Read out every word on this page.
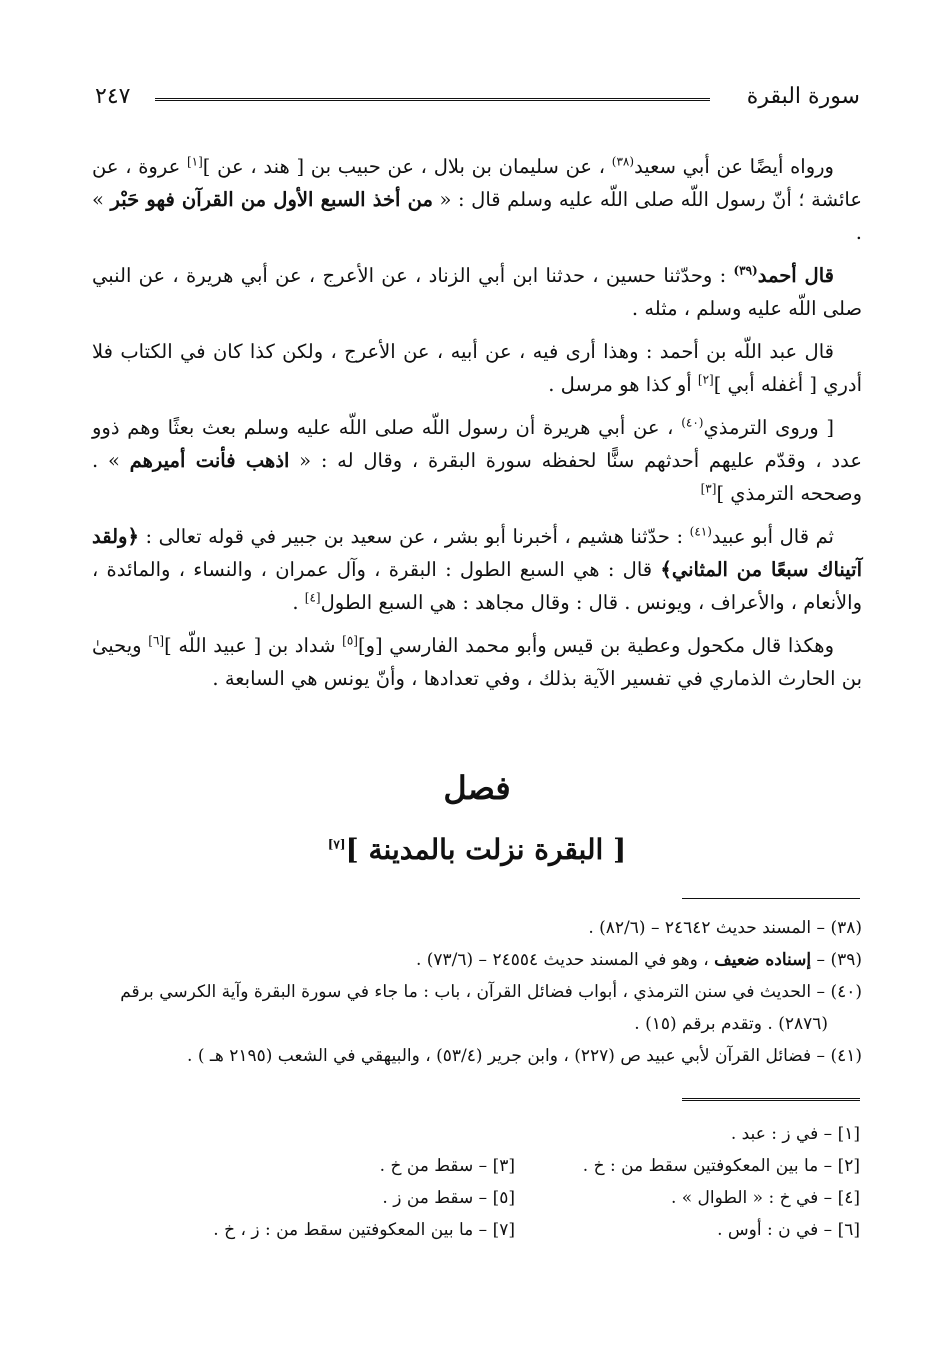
٢٤٧	سورة البقرة

ورواه أيضًا عن أبي سعيد$^{(٣٨)}$ ، عن سليمان بن بلال ، عن حبيب بن [ هند ، عن ][١] عروة ، عن عائشة ؛ أنّ رسول اللّه صلى اللّه عليه وسلم قال : « من أخذ السبع الأول من القرآن فهو حَبْر » .

قال أحمد$^{(٣٩)}$ : وحدّثنا حسين ، حدثنا ابن أبي الزناد ، عن الأعرج ، عن أبي هريرة ، عن النبي صلى اللّه عليه وسلم ، مثله .

قال عبد اللّه بن أحمد : وهذا أرى فيه ، عن أبيه ، عن الأعرج ، ولكن كذا كان في الكتاب فلا أدري [ أغفله أبي ][٢] أو كذا هو مرسل .

[ وروى الترمذي$^{(٤٠)}$ ، عن أبي هريرة أن رسول اللّه صلى اللّه عليه وسلم بعث بعثًا وهم ذوو عدد ، وقدّم عليهم أحدثهم سنًّا لحفظه سورة البقرة ، وقال له : « اذهب فأنت أميرهم » . وصححه الترمذي ][٣]

ثم قال أبو عبيد$^{(٤١)}$ : حدّثنا هشيم ، أخبرنا أبو بشر ، عن سعيد بن جبير في قوله تعالى : ﴿ولقد آتيناك سبعًا من المثاني﴾ قال : هي السبع الطول : البقرة ، وآل عمران ، والنساء ، والمائدة ، والأنعام ، والأعراف ، ويونس . قال : وقال مجاهد : هي السبع الطول[٤] .

وهكذا قال مكحول وعطية بن قيس وأبو محمد الفارسي [و][٥] شداد بن [ عبيد اللّه ][٦] ويحيىٰ بن الحارث الذماري في تفسير الآية بذلك ، وفي تعدادها ، وأنّ يونس هي السابعة .

فصل
[ البقرة نزلت بالمدينة ][٧]

(٣٨) – المسند حديث ٢٤٦٤٢ – (٨٢/٦) .

(٣٩) – إسناده ضعيف ، وهو في المسند حديث ٢٤٥٥٤ – (٧٣/٦) .

(٤٠) – الحديث في سنن الترمذي ، أبواب فضائل القرآن ، باب : ما جاء في سورة البقرة وآية الكرسي برقم
(٢٨٧٦) . وتقدم برقم (١٥) .

(٤١) – فضائل القرآن لأبي عبيد ص (٢٢٧) ، وابن جرير (٥٣/٤) ، والبيهقي في الشعب (٢١٩٥ هـ ) .

[١] – في ز : عبد .
[٢] – ما بين المعكوفتين سقط من : خ .
[٣] – سقط من خ .
[٤] – في خ : « الطوال » .
[٥] – سقط من ز .
[٦] – في ن : أوس .
[٧] – ما بين المعكوفتين سقط من : ز ، خ .
